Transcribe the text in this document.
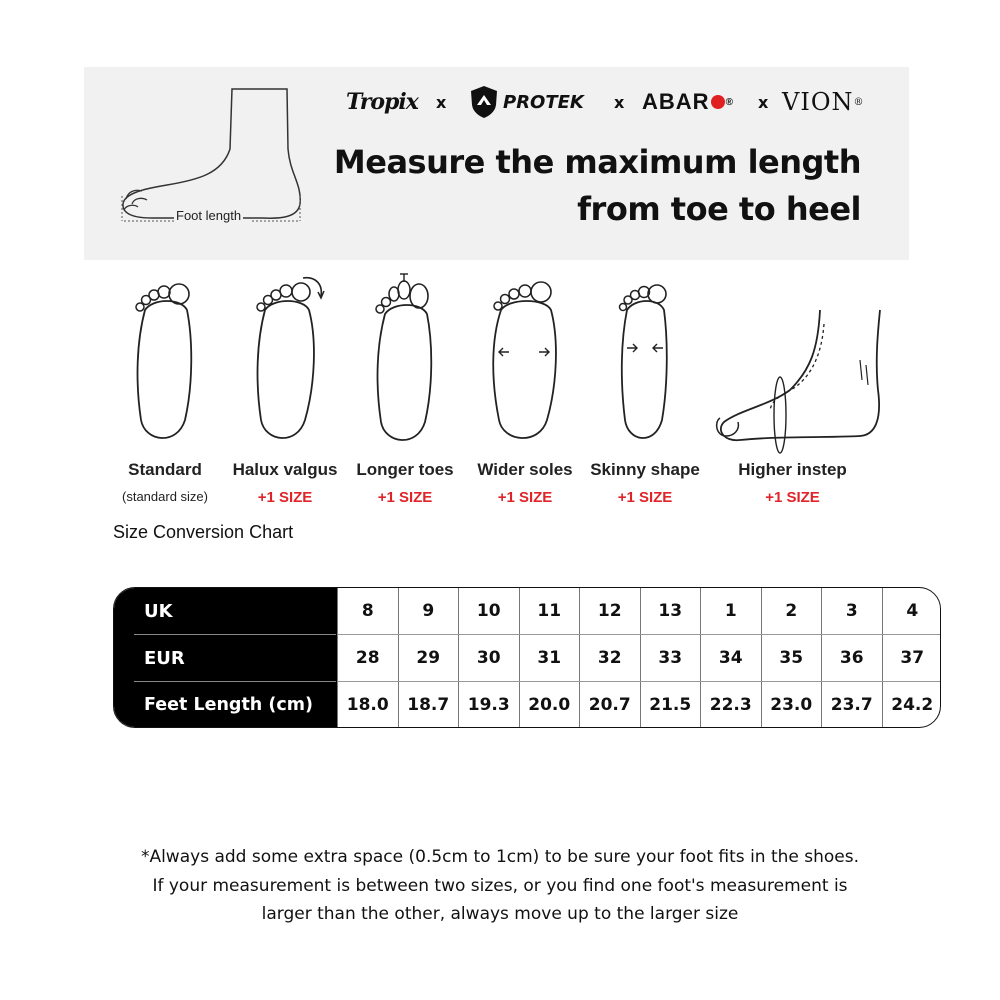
Foot length
Tropix x	PROTEK x ABAR ® x VION ®
Measure the maximum length
from toe to heel
Standard
(standard size)
Halux valgus
+1 SIZE
Longer toes
+1 SIZE
Wider soles
+1 SIZE
Skinny shape
+1 SIZE
Higher instep
+1 SIZE
Size Conversion Chart
UK	8	9	10	11	12	13	1	2	3	4
EUR	28	29	30	31	32	33	34	35	36	37
Feet Length (cm)	18.0	18.7	19.3	20.0	20.7	21.5	22.3	23.0	23.7	24.2
*Always add some extra space (0.5cm to 1cm) to be sure your foot fits in the shoes.
If your measurement is between two sizes, or you find one foot's measurement is
larger than the other, always move up to the larger size
